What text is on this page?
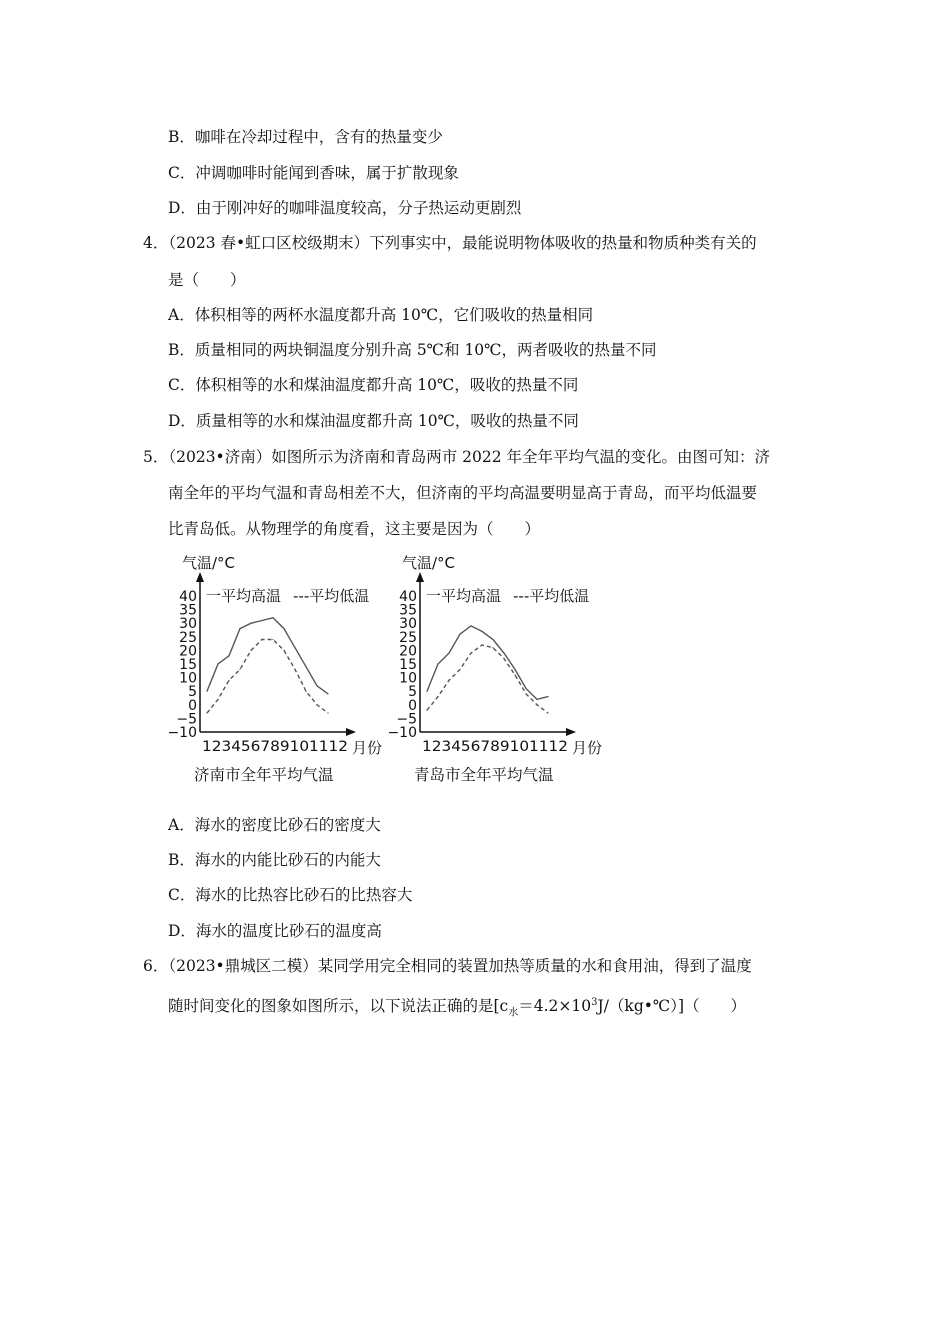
B．咖啡在冷却过程中，含有的热量变少
C．冲调咖啡时能闻到香味，属于扩散现象
D．由于刚冲好的咖啡温度较高，分子热运动更剧烈
4．（2023 春•虹口区校级期末）下列事实中，最能说明物体吸收的热量和物质种类有关的
是（　　）
A．体积相等的两杯水温度都升高 10℃，它们吸收的热量相同
B．质量相同的两块铜温度分别升高 5℃和 10℃，两者吸收的热量不同
C．体积相等的水和煤油温度都升高 10℃，吸收的热量不同
D．质量相等的水和煤油温度都升高 10℃，吸收的热量不同
5．（2023•济南）如图所示为济南和青岛两市 2022 年全年平均气温的变化。由图可知：济
南全年的平均气温和青岛相差不大，但济南的平均高温要明显高于青岛，而平均低温要
比青岛低。从物理学的角度看，这主要是因为（　　）
气温/°C
40
35
30
25
20
15
10
5
0
−5
−10
123456789101112 月份
一平均高温 ---平均低温
济南市全年平均气温
气温/°C
40
35
30
25
20
15
10
5
0
−5
−10
123456789101112 月份
一平均高温 ---平均低温
青岛市全年平均气温
A．海水的密度比砂石的密度大
B．海水的内能比砂石的内能大
C．海水的比热容比砂石的比热容大
D．海水的温度比砂石的温度高
6．（2023•鼎城区二模）某同学用完全相同的装置加热等质量的水和食用油，得到了温度
随时间变化的图象如图所示，以下说法正确的是$[c_水=4.2\times 10^3J/(kg•℃)]$（　　）
